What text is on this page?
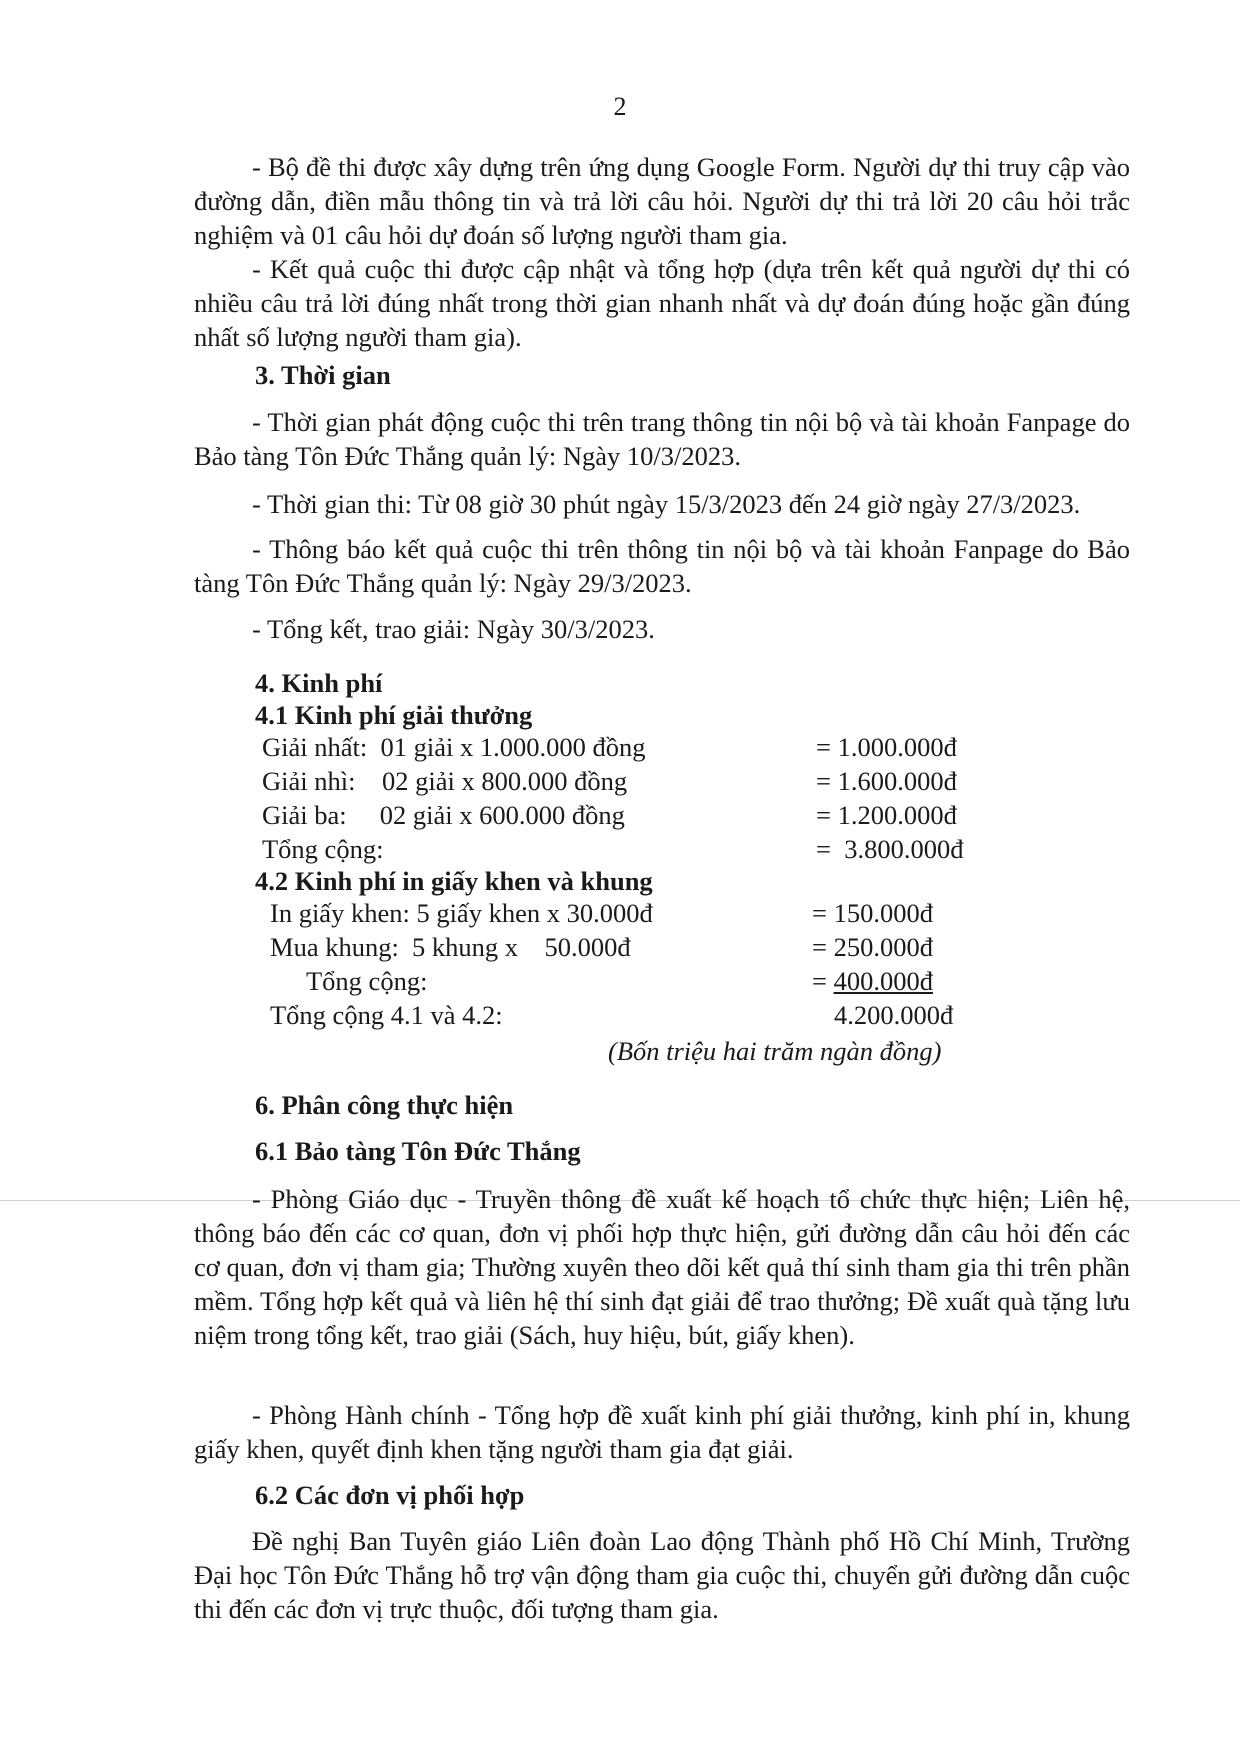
2

- Bộ đề thi được xây dựng trên ứng dụng Google Form. Người dự thi truy cập vào đường dẫn, điền mẫu thông tin và trả lời câu hỏi. Người dự thi trả lời 20 câu hỏi trắc nghiệm và 01 câu hỏi dự đoán số lượng người tham gia.

- Kết quả cuộc thi được cập nhật và tổng hợp (dựa trên kết quả người dự thi có nhiều câu trả lời đúng nhất trong thời gian nhanh nhất và dự đoán đúng hoặc gần đúng nhất số lượng người tham gia).

3. Thời gian

- Thời gian phát động cuộc thi trên trang thông tin nội bộ và tài khoản Fanpage do Bảo tàng Tôn Đức Thắng quản lý: Ngày 10/3/2023.

- Thời gian thi: Từ 08 giờ 30 phút ngày 15/3/2023 đến 24 giờ ngày 27/3/2023.

- Thông báo kết quả cuộc thi trên thông tin nội bộ và tài khoản Fanpage do Bảo tàng Tôn Đức Thắng quản lý: Ngày 29/3/2023.

- Tổng kết, trao giải: Ngày 30/3/2023.

4. Kinh phí
4.1 Kinh phí giải thưởng
Giải nhất:  01 giải x 1.000.000 đồng	= 1.000.000đ
Giải nhì:    02 giải x 800.000 đồng	= 1.600.000đ
Giải ba:     02 giải x 600.000 đồng	= 1.200.000đ
Tổng cộng:	=  3.800.000đ
4.2 Kinh phí in giấy khen và khung
In giấy khen: 5 giấy khen x 30.000đ	= 150.000đ
Mua khung:  5 khung x    50.000đ	= 250.000đ
Tổng cộng:	= 400.000đ
Tổng cộng 4.1 và 4.2:	4.200.000đ
(Bốn triệu hai trăm ngàn đồng)
6. Phân công thực hiện
6.1 Bảo tàng Tôn Đức Thắng

- Phòng Giáo dục - Truyền thông đề xuất kế hoạch tổ chức thực hiện; Liên hệ, thông báo đến các cơ quan, đơn vị phối hợp thực hiện, gửi đường dẫn câu hỏi đến các cơ quan, đơn vị tham gia; Thường xuyên theo dõi kết quả thí sinh tham gia thi trên phần mềm. Tổng hợp kết quả và liên hệ thí sinh đạt giải để trao thưởng; Đề xuất quà tặng lưu niệm trong tổng kết, trao giải (Sách, huy hiệu, bút, giấy khen).

- Phòng Hành chính - Tổng hợp đề xuất kinh phí giải thưởng, kinh phí in, khung giấy khen, quyết định khen tặng người tham gia đạt giải.

6.2 Các đơn vị phối hợp

Đề nghị Ban Tuyên giáo Liên đoàn Lao động Thành phố Hồ Chí Minh, Trường Đại học Tôn Đức Thắng hỗ trợ vận động tham gia cuộc thi, chuyển gửi đường dẫn cuộc thi đến các đơn vị trực thuộc, đối tượng tham gia.
